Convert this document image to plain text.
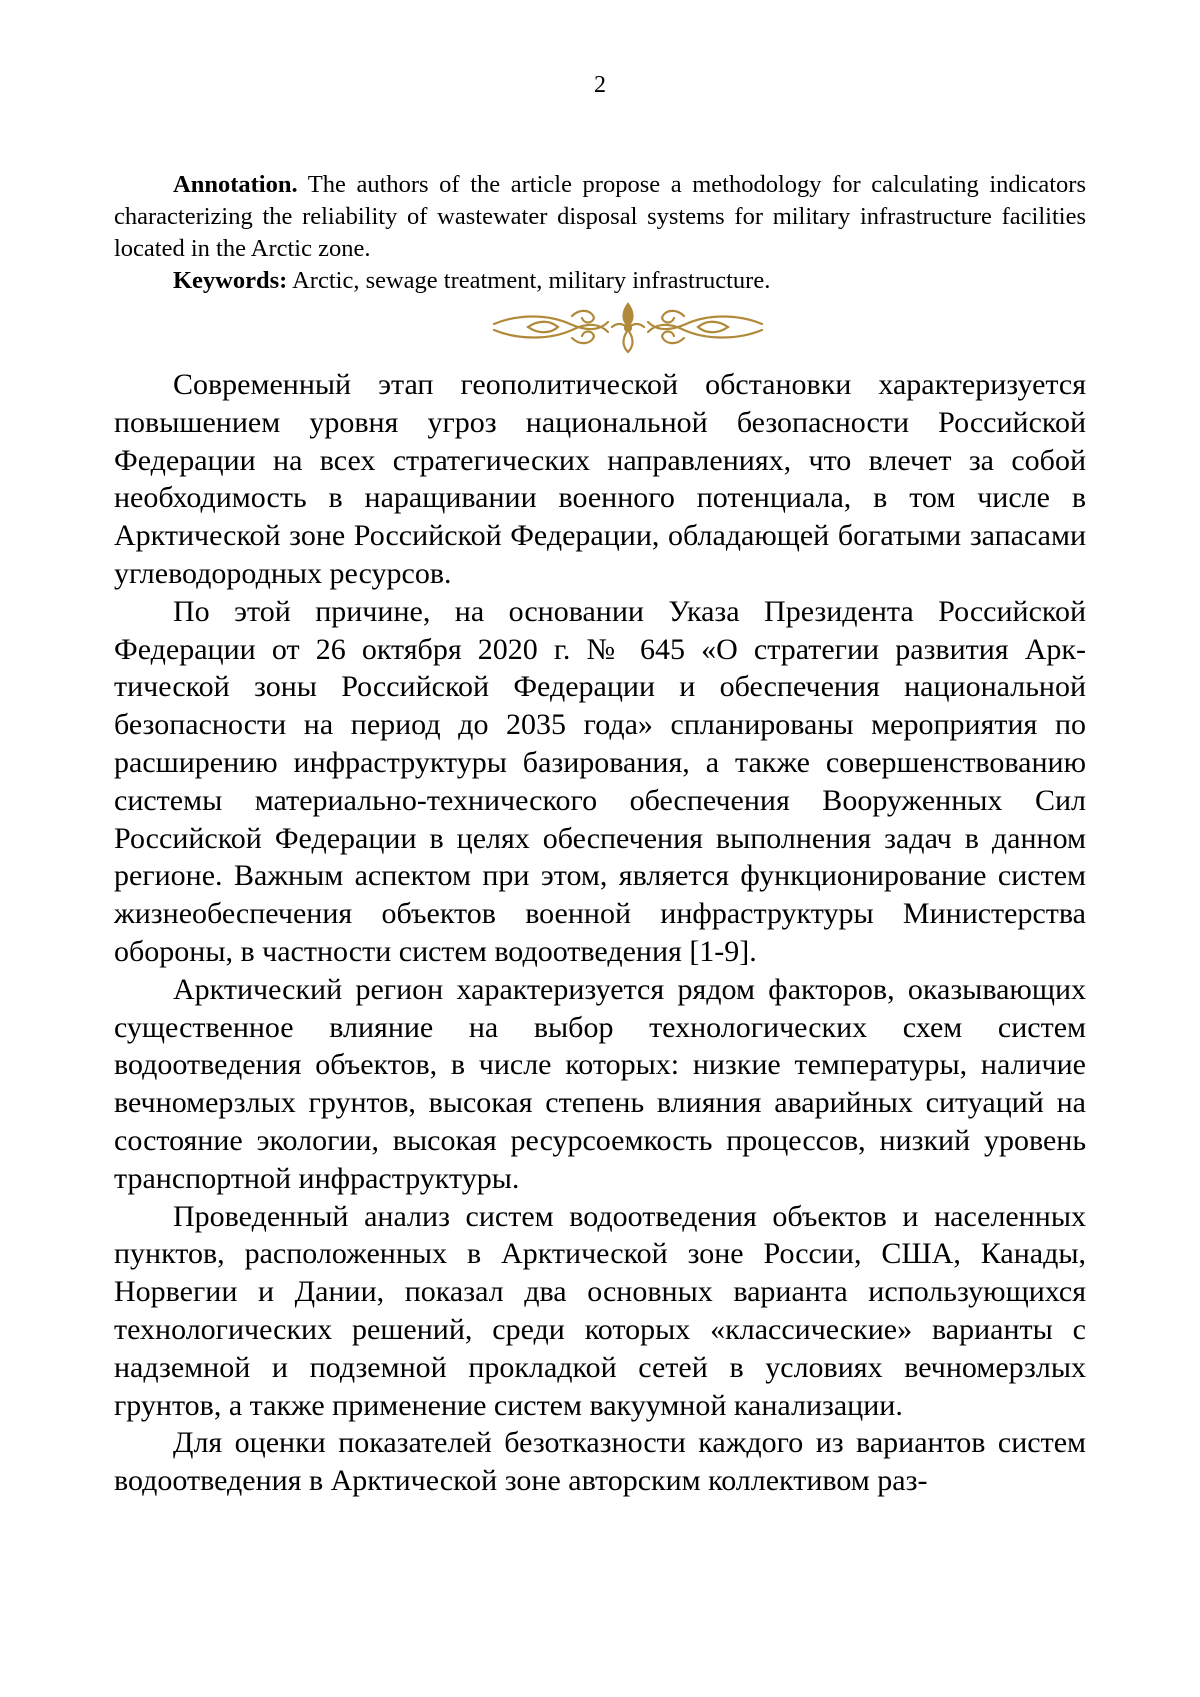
2

Annotation. The authors of the article propose a methodology for calculating indicators characterizing the reliability of wastewater disposal systems for military infrastructure facilities located in the Arctic zone.

Keywords: Arctic, sewage treatment, military infrastructure.

Современный этап геополитической обстановки характеризуется повышением уровня угроз национальной безопасности Российской Федерации на всех стратегических направлениях, что влечет за собой необходимость в наращивании военного потенциала, в том числе в Арктической зоне Российской Федерации, обладающей богатыми запасами углеводородных ресурсов.

По этой причине, на основании Указа Президента Российской Федерации от 26 октября 2020 г. № 645 «О стратегии развития Арктической зоны Российской Федерации и обеспечения национальной безопасности на период до 2035 года» спланированы мероприятия по расширению инфраструктуры базирования, а также совершенствованию системы материально-технического обеспечения Вооруженных Сил Российской Федерации в целях обеспечения выполнения задач в данном регионе. Важным аспектом при этом, является функционирование систем жизнеобеспечения объектов военной инфраструктуры Министерства обороны, в частности систем водоотведения [1-9].

Арктический регион характеризуется рядом факторов, оказывающих существенное влияние на выбор технологических схем систем водоотведения объектов, в числе которых: низкие температуры, наличие вечномерзлых грунтов, высокая степень влияния аварийных ситуаций на состояние экологии, высокая ресурсоемкость процессов, низкий уровень транспортной инфраструктуры.

Проведенный анализ систем водоотведения объектов и населенных пунктов, расположенных в Арктической зоне России, США, Канады, Норвегии и Дании, показал два основных варианта использующихся технологических решений, среди которых «классические» варианты с надземной и подземной прокладкой сетей в условиях вечномерзлых грунтов, а также применение систем вакуумной канализации.

Для оценки показателей безотказности каждого из вариантов систем водоотведения в Арктической зоне авторским коллективом раз-
